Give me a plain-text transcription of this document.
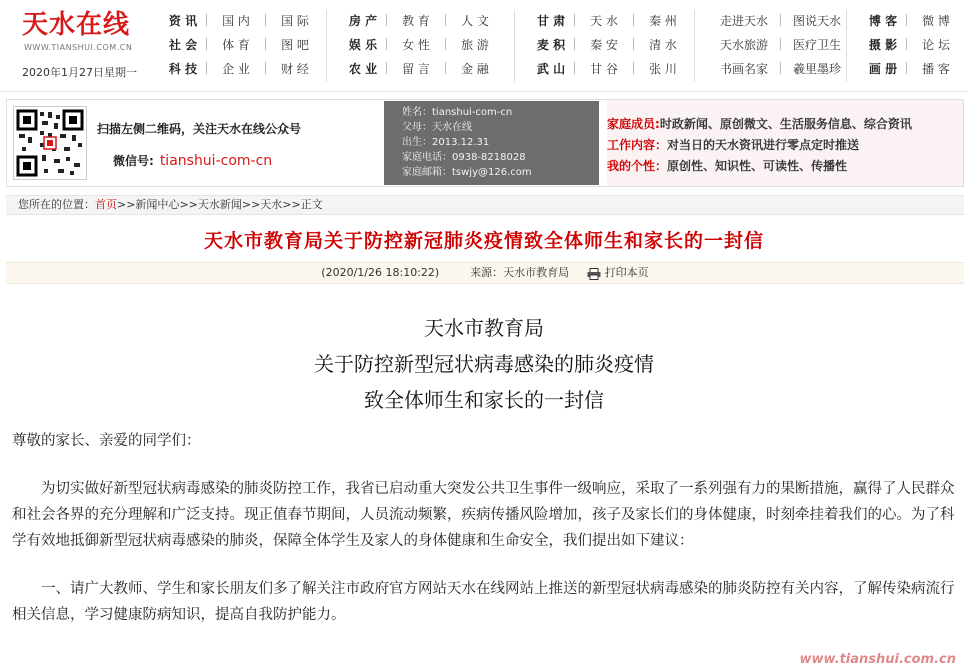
天水在线
WWW.TIANSHUI.COM.CN
2020年1月27日星期一
资 讯	国 内	国 际
社 会	体 育	图 吧
科 技	企 业	财 经
房 产	教 育	人 文
娱 乐	女 性	旅 游
农 业	留 言	金 融
甘 肃	天 水	秦 州
麦 积	秦 安	清 水
武 山	甘 谷	张 川
走进天水	图说天水
天水旅游	医疗卫生
书画名家	羲里墨珍
博 客	微 博
摄 影	论 坛
画 册	播 客
扫描左侧二维码，关注天水在线公众号
微信号: tianshui-com-cn
姓名：tianshui-com-cn
父母：天水在线
出生：2013.12.31
家庭电话：0938-8218028
家庭邮箱：tswjy@126.com
家庭成员:时政新闻、原创微文、生活服务信息、综合资讯
工作内容：对当日的天水资讯进行零点定时推送
我的个性：原创性、知识性、可读性、传播性
您所在的位置：首页>>新闻中心>>天水新闻>>天水>>正文
天水市教育局关于防控新冠肺炎疫情致全体师生和家长的一封信
(2020/1/26 18:10:22)	来源：天水市教育局	打印本页
天水市教育局
关于防控新型冠状病毒感染的肺炎疫情
致全体师生和家长的一封信

尊敬的家长、亲爱的同学们：

为切实做好新型冠状病毒感染的肺炎防控工作，我省已启动重大突发公共卫生事件一级响应，采取了一系列强有力的果断措施，赢得了人民群众和社会各界的充分理解和广泛支持。现正值春节期间，人员流动频繁，疾病传播风险增加，孩子及家长们的身体健康，时刻牵挂着我们的心。为了科学有效地抵御新型冠状病毒感染的肺炎，保障全体学生及家人的身体健康和生命安全，我们提出如下建议：

一、请广大教师、学生和家长朋友们多了解关注市政府官方网站天水在线网站上推送的新型冠状病毒感染的肺炎防控有关内容，了解传染病流行相关信息，学习健康防病知识，提高自我防护能力。

www.tianshui.com.cn
